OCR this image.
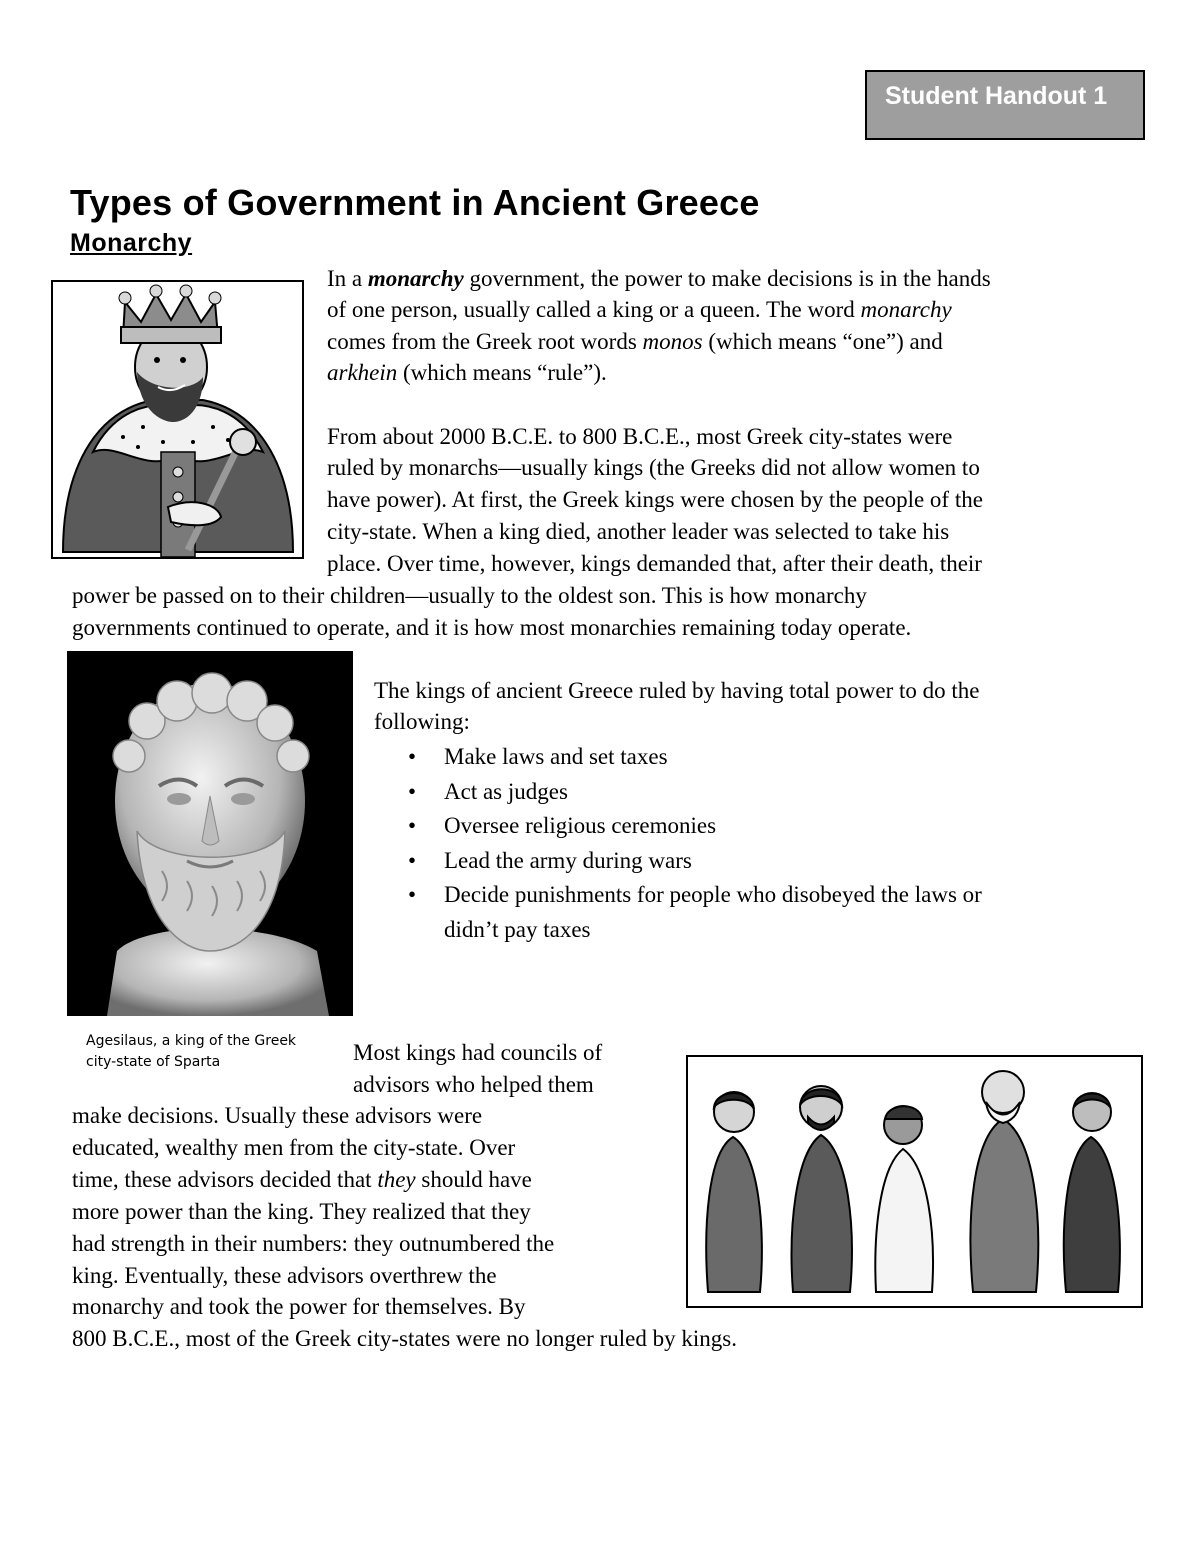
Student Handout 1
Types of Government in Ancient Greece
Monarchy
In a monarchy government, the power to make decisions is in the hands
of one person, usually called a king or a queen. The word monarchy
comes from the Greek root words monos (which means “one”) and
arkhein (which means “rule”).
From about 2000 B.C.E. to 800 B.C.E., most Greek city-states were
ruled by monarchs—usually kings (the Greeks did not allow women to
have power). At first, the Greek kings were chosen by the people of the
city-state. When a king died, another leader was selected to take his
place. Over time, however, kings demanded that, after their death, their
power be passed on to their children—usually to the oldest son. This is how monarchy
governments continued to operate, and it is how most monarchies remaining today operate.
The kings of ancient Greece ruled by having total power to do the
following:
• Make laws and set taxes
• Act as judges
• Oversee religious ceremonies
• Lead the army during wars
• Decide punishments for people who disobeyed the laws or
didn’t pay taxes
Agesilaus, a king of the Greek
city-state of Sparta	Most kings had councils of
advisors who helped them
make decisions. Usually these advisors were
educated, wealthy men from the city-state. Over
time, these advisors decided that they should have
more power than the king. They realized that they
had strength in their numbers: they outnumbered the
king. Eventually, these advisors overthrew the
monarchy and took the power for themselves. By
800 B.C.E., most of the Greek city-states were no longer ruled by kings.
